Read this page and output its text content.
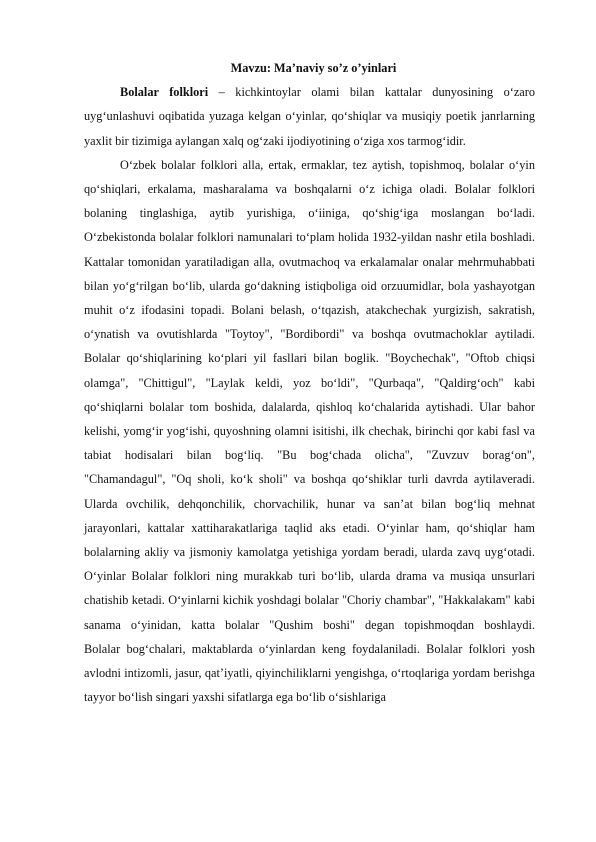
Mavzu: Ma’naviy so’z o’yinlari

Bolalar folklori – kichkintoylar olami bilan kattalar dunyosining o‘zaro uyg‘unlashuvi oqibatida yuzaga kelgan o‘yinlar, qo‘shiqlar va musiqiy poetik janrlarning yaxlit bir tizimiga aylangan xalq og‘zaki ijodiyotining o‘ziga xos tarmog‘idir.

O‘zbek bolalar folklori alla, ertak, ermaklar, tez aytish, topishmoq, bolalar o‘yin qo‘shiqlari, erkalama, masharalama va boshqalarni o‘z ichiga oladi. Bolalar folklori bolaning tinglashiga, aytib yurishiga, o‘iiniga, qo‘shig‘iga moslangan bo‘ladi. O‘zbekistonda bolalar folklori namunalari to‘plam holida 1932-yildan nashr etila boshladi. Kattalar tomonidan yaratiladigan alla, ovutmachoq va erkalamalar onalar mehrmuhabbati bilan yo‘g‘rilgan bo‘lib, ularda go‘dakning istiqboliga oid orzuumidlar, bola yashayotgan muhit o‘z ifodasini topadi. Bolani belash, o‘tqazish, atakchechak yurgizish, sakratish, o‘ynatish va ovutishlarda "Toytoy", "Bordibordi" va boshqa ovutmachoklar aytiladi. Bolalar qo‘shiqlarining ko‘plari yil fasllari bilan boglik. "Boychechak", "Oftob chiqsi olamga", "Chittigul", "Laylak keldi, yoz bo‘ldi", "Qurbaqa", "Qaldirg‘och" kabi qo‘shiqlarni bolalar tom boshida, dalalarda, qishloq ko‘chalarida aytishadi. Ular bahor kelishi, yomg‘ir yog‘ishi, quyoshning olamni isitishi, ilk chechak, birinchi qor kabi fasl va tabiat hodisalari bilan bog‘liq. "Bu bog‘chada olicha", "Zuvzuv borag‘on", "Chamandagul", "Oq sholi, ko‘k sholi" va boshqa qo‘shiklar turli davrda aytilaveradi. Ularda ovchilik, dehqonchilik, chorvachilik, hunar va san’at bilan bog‘liq mehnat jarayonlari, kattalar xattiharakatlariga taqlid aks etadi. O‘yinlar ham, qo‘shiqlar ham bolalarning akliy va jismoniy kamolatga yetishiga yordam beradi, ularda zavq uyg‘otadi. O‘yinlar Bolalar folklori ning murakkab turi bo‘lib, ularda drama va musiqa unsurlari chatishib ketadi. O‘yinlarni kichik yoshdagi bolalar "Choriy chambar", "Hakkalakam" kabi sanama o‘yinidan, katta bolalar "Qushim boshi" degan topishmoqdan boshlaydi.

Bolalar bog‘chalari, maktablarda o‘yinlardan keng foydalaniladi. Bolalar folklori yosh avlodni intizomli, jasur, qat’iyatli, qiyinchiliklarni yengishga, o‘rtoqlariga yordam berishga tayyor bo‘lish singari yaxshi sifatlarga ega bo‘lib o‘sishlariga
